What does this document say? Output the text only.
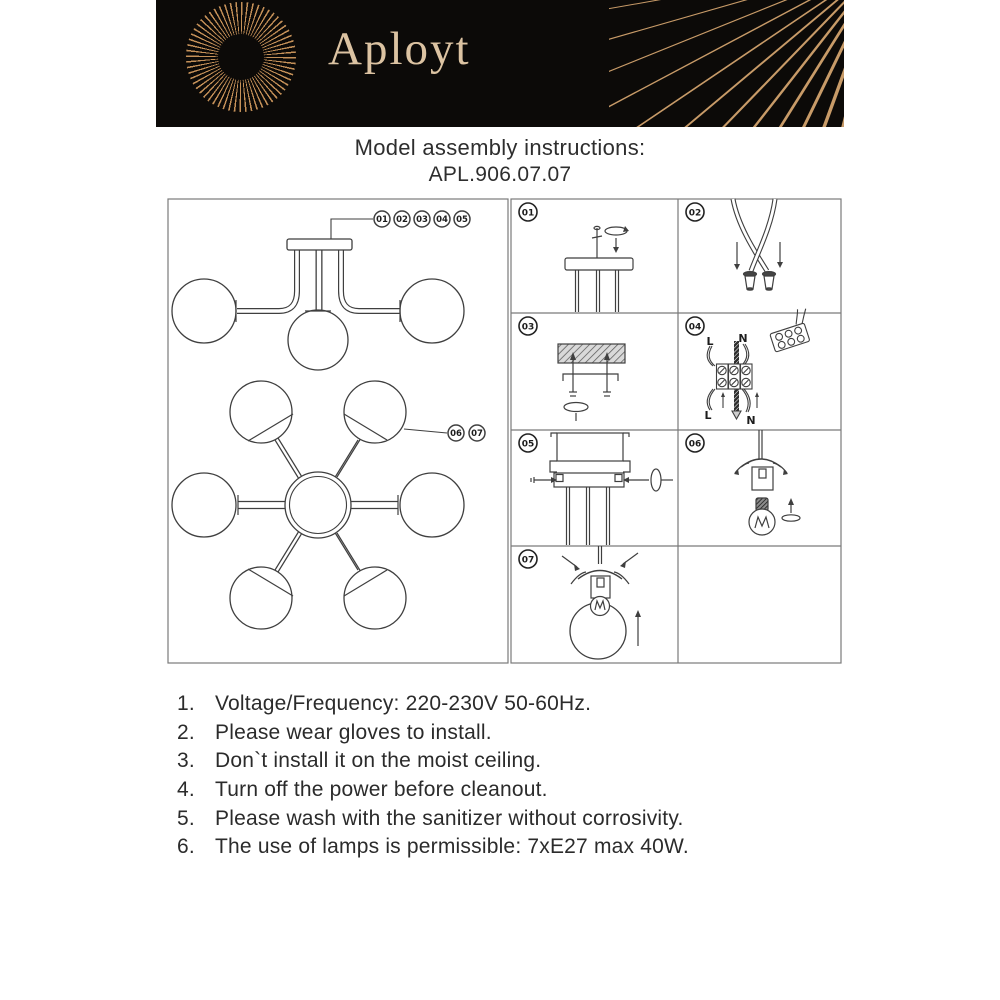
Aployt
Model assembly instructions:
APL.906.07.07
01 02 03 04 05
06 07
01	02
03	04
05	06
07
L N
L	N
1. Voltage/Frequency: 220-230V 50-60Hz.
2. Please wear gloves to install.
3. Don`t install it on the moist ceiling.
4. Turn off the power before cleanout.
5. Please wash with the sanitizer without corrosivity.
6. The use of lamps is permissible: 7xE27 max 40W.
